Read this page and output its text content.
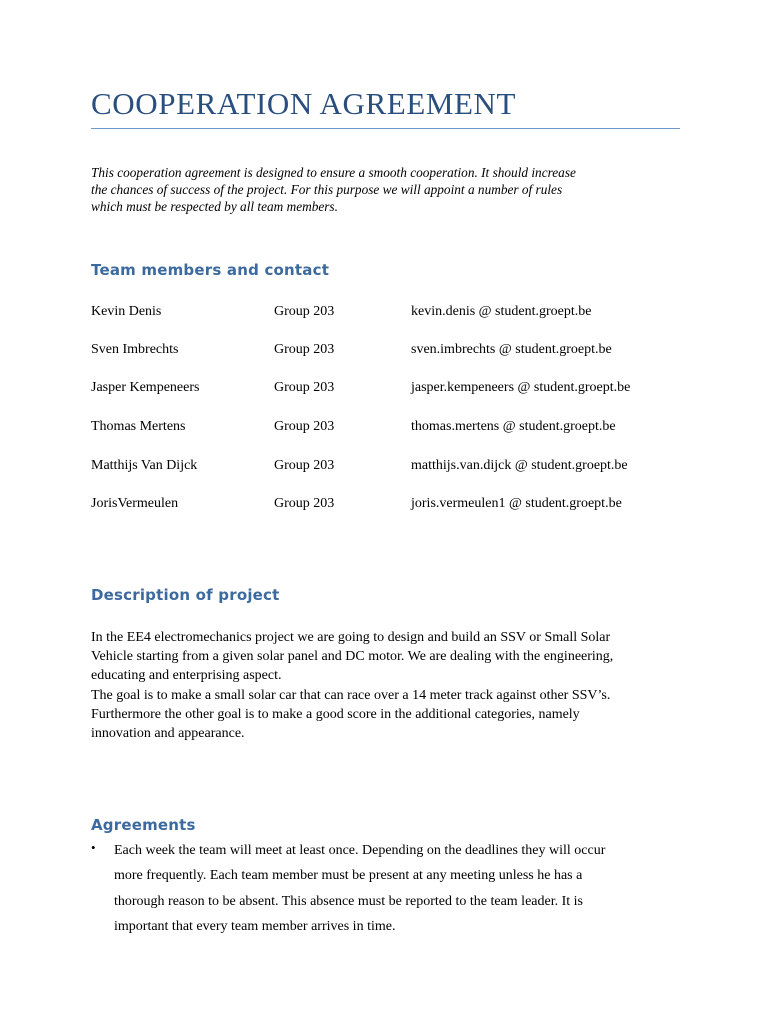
COOPERATION AGREEMENT
This cooperation agreement is designed to ensure a smooth cooperation. It should increase
the chances of success of the project. For this purpose we will appoint a number of rules
which must be respected by all team members.
Team members and contact
Kevin Denis	Group 203	kevin.denis @ student.groept.be
Sven Imbrechts	Group 203	sven.imbrechts @ student.groept.be
Jasper Kempeneers	Group 203	jasper.kempeneers @ student.groept.be
Thomas Mertens	Group 203	thomas.mertens @ student.groept.be
Matthijs Van Dijck	Group 203	matthijs.van.dijck @ student.groept.be
JorisVermeulen	Group 203	joris.vermeulen1 @ student.groept.be
Description of project
In the EE4 electromechanics project we are going to design and build an SSV or Small Solar
Vehicle starting from a given solar panel and DC motor. We are dealing with the engineering,
educating and enterprising aspect.
The goal is to make a small solar car that can race over a 14 meter track against other SSV’s.
Furthermore the other goal is to make a good score in the additional categories, namely
innovation and appearance.
Agreements
• Each week the team will meet at least once. Depending on the deadlines they will occur
more frequently. Each team member must be present at any meeting unless he has a
thorough reason to be absent. This absence must be reported to the team leader. It is
important that every team member arrives in time.
